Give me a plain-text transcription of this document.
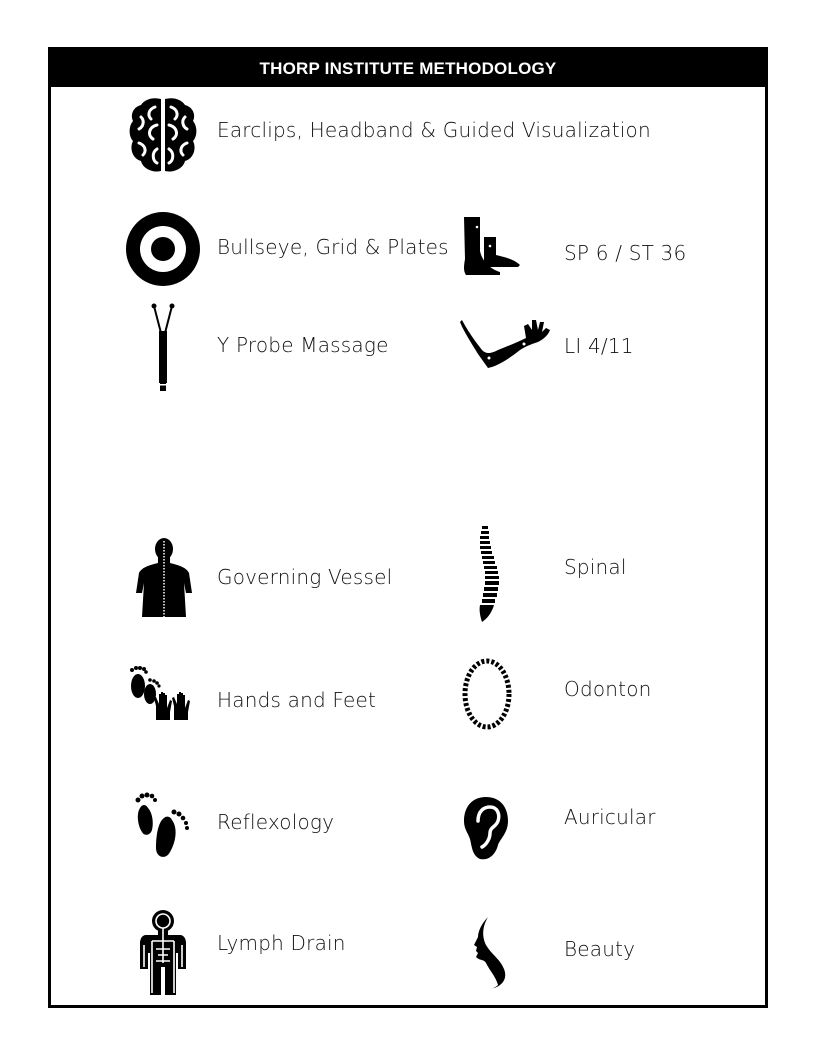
THORP INSTITUTE METHODOLOGY
Earclips, Headband & Guided Visualization
Bullseye, Grid & Plates	SP 6 / ST 36
Y Probe Massage	LI 4/11
Governing Vessel	Spinal
Hands and Feet	Odonton
Reflexology	Auricular
Lymph Drain	Beauty
